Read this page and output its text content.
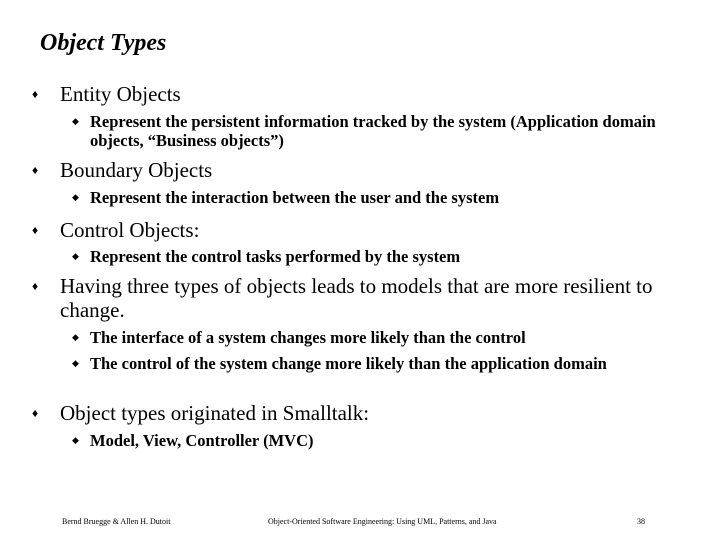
Object Types
♦ Entity Objects
◆ Represent the persistent information tracked by the system (Application domain objects, “Business objects”)
♦ Boundary Objects
◆ Represent the interaction between the user and the system
♦ Control Objects:
◆ Represent the control tasks performed by the system
♦ Having three types of objects leads to models that are more resilient to change.
◆ The interface of a system changes more likely than the control
◆ The control of the system change more likely than the application domain
♦ Object types originated in Smalltalk:
◆ Model, View, Controller (MVC)
Bernd Bruegge & Allen H. Dutoit	Object-Oriented Software Engineering: Using UML, Patterns, and Java	38
